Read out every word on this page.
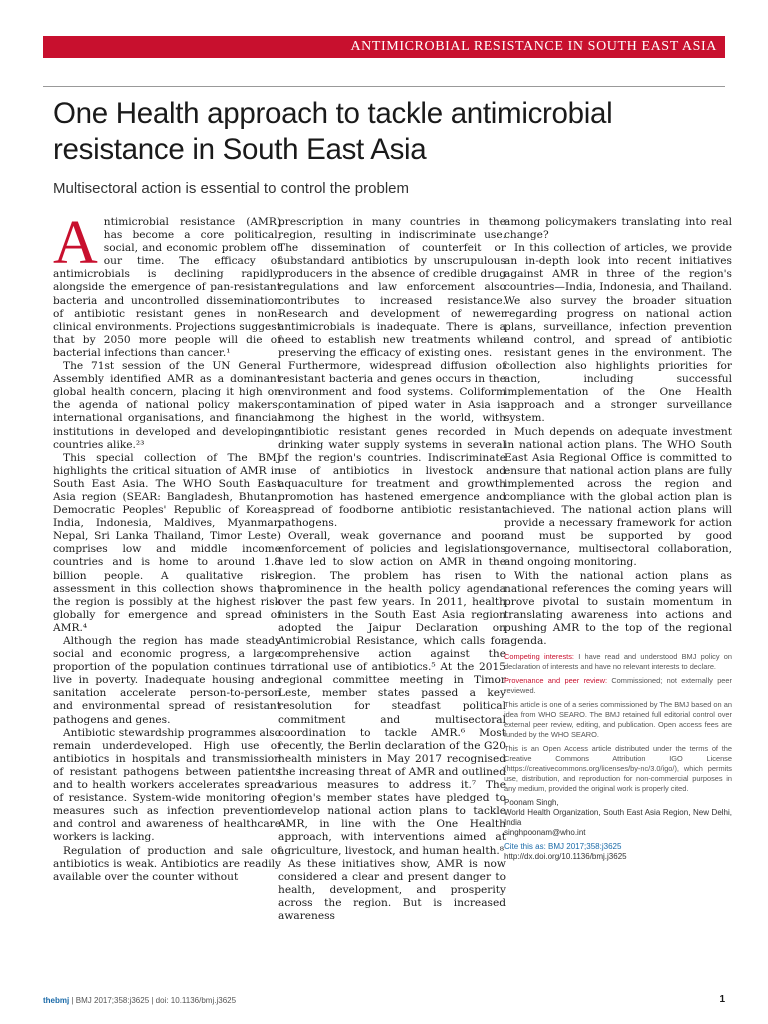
ANTIMICROBIAL RESISTANCE IN SOUTH EAST ASIA
One Health approach to tackle antimicrobial resistance in South East Asia
Multisectoral action is essential to control the problem

Antimicrobial resistance (AMR) has become a core political, social, and economic problem of our time. The efficacy of antimicrobials is declining rapidly, alongside the emergence of pan-resistant bacteria and uncontrolled dissemination of antibiotic resistant genes in non-clinical environments. Projections suggest that by 2050 more people will die of bacterial infections than cancer.¹

The 71st session of the UN General Assembly identified AMR as a dominant global health concern, placing it high on the agenda of national policy makers, international organisations, and financial institutions in developed and developing countries alike.²³

This special collection of The BMJ highlights the critical situation of AMR in South East Asia. The WHO South East Asia region (SEAR: Bangladesh, Bhutan, Democratic Peoples' Republic of Korea, India, Indonesia, Maldives, Myanmar, Nepal, Sri Lanka Thailand, Timor Leste) comprises low and middle income countries and is home to around 1.8 billion people. A qualitative risk assessment in this collection shows that the region is possibly at the highest risk globally for emergence and spread of AMR.⁴

Although the region has made steady social and economic progress, a large proportion of the population continues to live in poverty. Inadequate housing and sanitation accelerate person-to-person and environmental spread of resistant pathogens and genes.

Antibiotic stewardship programmes also remain underdeveloped. High use of antibiotics in hospitals and transmission of resistant pathogens between patients and to health workers accelerates spread of resistance. System-wide monitoring of measures such as infection prevention and control and awareness of healthcare workers is lacking.

Regulation of production and sale of antibiotics is weak. Antibiotics are readily available over the counter without

prescription in many countries in the region, resulting in indiscriminate use. The dissemination of counterfeit or substandard antibiotics by unscrupulous producers in the absence of credible drug regulations and law enforcement also contributes to increased resistance. Research and development of newer antimicrobials is inadequate. There is a need to establish new treatments while preserving the efficacy of existing ones.

Furthermore, widespread diffusion of resistant bacteria and genes occurs in the environment and food systems. Coliform contamination of piped water in Asia is among the highest in the world, with antibiotic resistant genes recorded in drinking water supply systems in several of the region's countries. Indiscriminate use of antibiotics in livestock and aquaculture for treatment and growth promotion has hastened emergence and spread of foodborne antibiotic resistant pathogens.

Overall, weak governance and poor enforcement of policies and legislations have led to slow action on AMR in the region. The problem has risen to prominence in the health policy agenda over the past few years. In 2011, health ministers in the South East Asia region adopted the Jaipur Declaration on Antimicrobial Resistance, which calls for comprehensive action against the irrational use of antibiotics.⁵ At the 2015 regional committee meeting in Timor Leste, member states passed a key resolution for steadfast political commitment and multisectoral coordination to tackle AMR.⁶ Most recently, the Berlin declaration of the G20 health ministers in May 2017 recognised the increasing threat of AMR and outlined various measures to address it.⁷ The region's member states have pledged to develop national action plans to tackle AMR, in line with the One Health approach, with interventions aimed at agriculture, livestock, and human health.⁸

As these initiatives show, AMR is now considered a clear and present danger to health, development, and prosperity across the region. But is increased awareness

among policymakers translating into real change?

In this collection of articles, we provide an in-depth look into recent initiatives against AMR in three of the region's countries—India, Indonesia, and Thailand. We also survey the broader situation regarding progress on national action plans, surveillance, infection prevention and control, and spread of antibiotic resistant genes in the environment. The collection also highlights priorities for action, including successful implementation of the One Health approach and a stronger surveillance system.

Much depends on adequate investment in national action plans. The WHO South East Asia Regional Office is committed to ensure that national action plans are fully implemented across the region and compliance with the global action plan is achieved. The national action plans will provide a necessary framework for action and must be supported by good governance, multisectoral collaboration, and ongoing monitoring.

With the national action plans as national references the coming years will prove pivotal to sustain momentum in translating awareness into actions and pushing AMR to the top of the regional agenda.

Competing interests: I have read and understood BMJ policy on declaration of interests and have no relevant interests to declare.

Provenance and peer review: Commissioned; not externally peer reviewed.

This article is one of a series commissioned by The BMJ based on an idea from WHO SEARO. The BMJ retained full editorial control over external peer review, editing, and publication. Open access fees are funded by the WHO SEARO.

This is an Open Access article distributed under the terms of the Creative Commons Attribution IGO License (https://creativecommons.org/licenses/by-nc/3.0/igo/), which permits use, distribution, and reproduction for non-commercial purposes in any medium, provided the original work is properly cited.

Poonam Singh,
World Health Organization, South East Asia Region, New Delhi, India
singhpoonam@who.int

Cite this as: BMJ 2017;358:j3625
http://dx.doi.org/10.1136/bmj.j3625

thebmj | BMJ 2017;358:j3625 | doi: 10.1136/bmj.j3625	1
